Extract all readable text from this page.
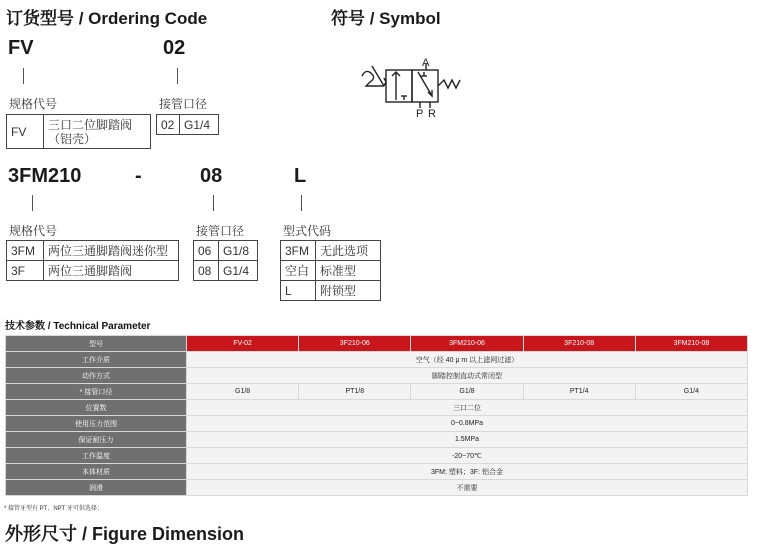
订货型号 / Ordering Code	符号 / Symbol
FV	02
规格代号	接管口径
FV	三口二位脚踏阀
（铝壳）
02	G1/4
A
P R
3FM210	-	08	L
规格代号	接管口径	型式代码
3FM	两位三通脚踏阀迷你型
3F	两位三通脚踏阀
06	G1/8
08	G1/4
3FM	无此选项
空白	标准型
L	附锁型
技术参数 / Technical Parameter
型号	FV-02	3F210-06	3FM210-06	3F210-08	3FM210-08
工作介质	空气（经 40 μ m 以上滤网过滤）				
动作方式	脚踏控制直动式常闭型				
* 接管口径	G1/8	PT1/8	G1/8	PT1/4	G1/4
位置数	三口二位				
使用压力范围	0~0.8MPa				
保证耐压力	1.5MPa				
工作温度	-20~70℃				
本体材质	3FM: 塑料；3F: 铝合金				
润滑	不需要				
* 接管牙型有 PT、NPT 牙可供选择；
外形尺寸 / Figure Dimension
